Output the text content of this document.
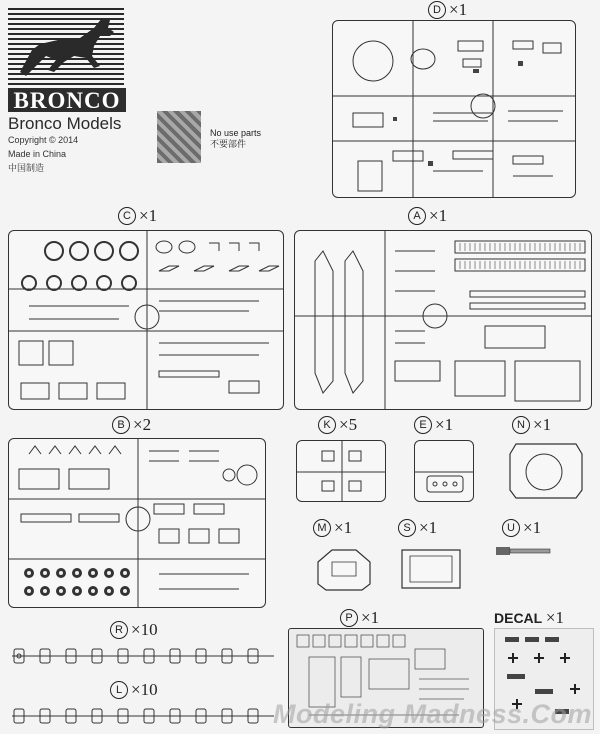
BRONCO
Bronco Models
Copyright © 2014
Made in China
中国制造
No use parts
不要部件
D ×1
C ×1	A ×1
B ×2	K ×5	E ×1	N ×1
M ×1	S ×1	U ×1
R ×10
L ×10
P ×1	DECAL ×1
Modeling Madness.Com
